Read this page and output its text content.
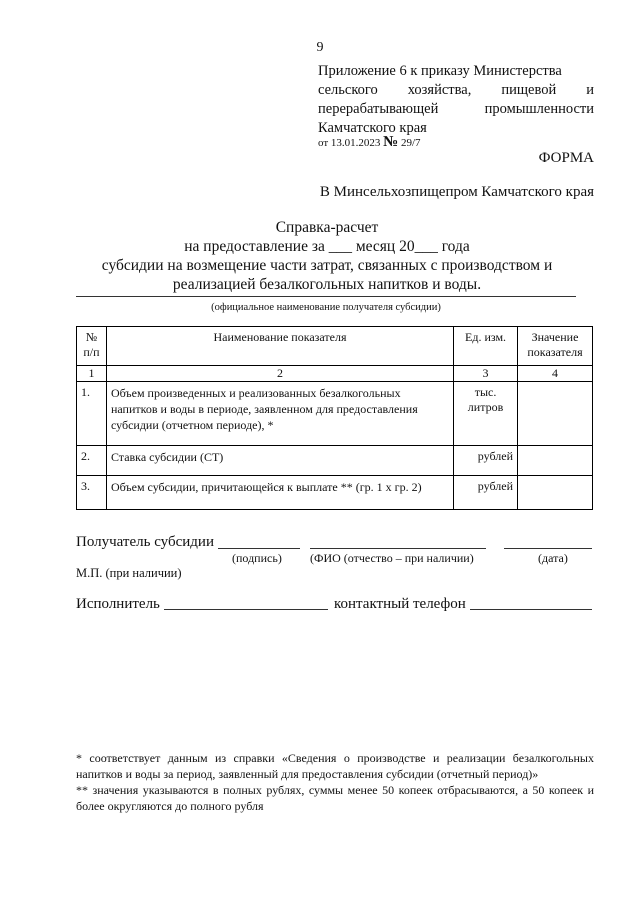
9
Приложение 6 к приказу Министерства
сельского хозяйства, пищевой и
перерабатывающей	промышленности
Камчатского края
от 13.01.2023 № 29/7
ФОРМА
В Минсельхозпищепром Камчатского края
Справка-расчет
на предоставление за ___ месяц 20___ года
субсидии на возмещение части затрат, связанных с производством и
реализацией безалкогольных напитков и воды.
(официальное наименование получателя субсидии)
№ п/п	Наименование показателя	Ед. изм.	Значение показателя
1	2	3	4
1.	Объем произведенных и реализованных безалкогольных напитков и воды в периоде, заявленном для предоставления субсидии (отчетном периоде), *	тыс. литров	
2.	Ставка субсидии (СТ)	рублей	
3.	Объем субсидии, причитающейся к выплате ** (гр. 1 х гр. 2)	рублей	
Получатель субсидии
(подпись) (ФИО (отчество – при наличии)	(дата)
М.П. (при наличии)
Исполнитель	контактный телефон
* соответствует данным из справки «Сведения о производстве и реализации безалкогольных напитков и воды за период, заявленный для предоставления субсидии (отчетный период)»
** значения указываются в полных рублях, суммы менее 50 копеек отбрасываются, а 50 копеек и более округляются до полного рубля
